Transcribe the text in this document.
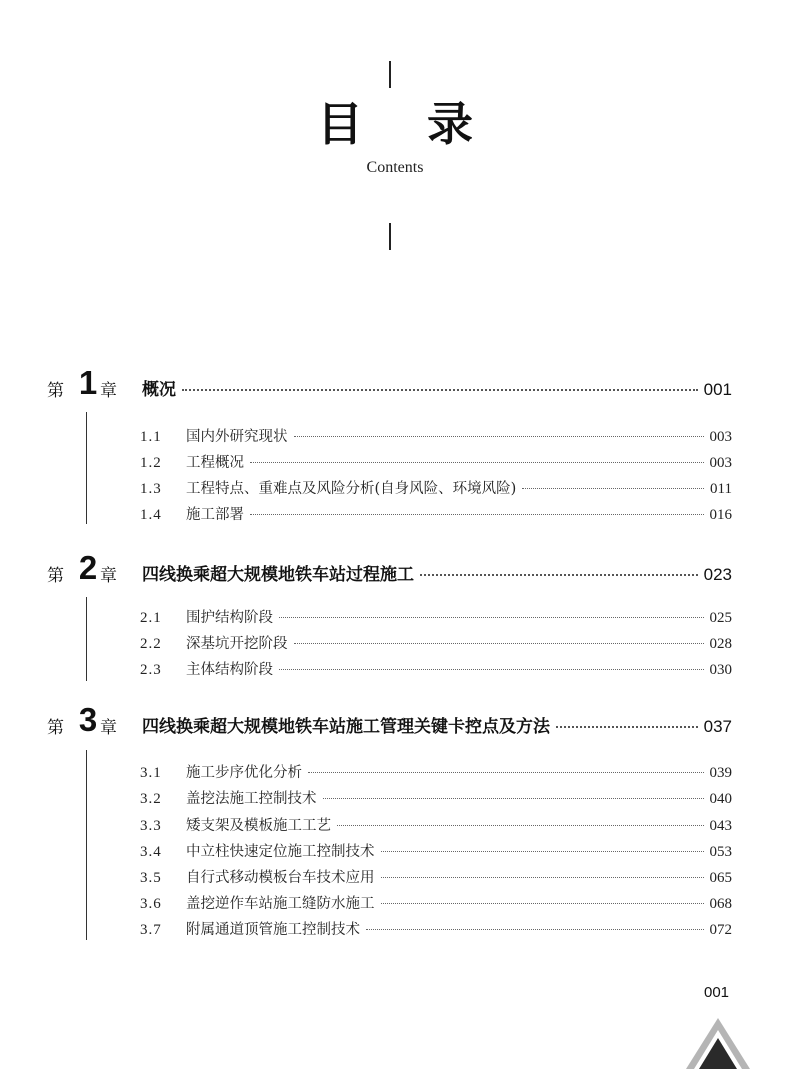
目录
Contents
第 1 章 概况	001
1.1	国内外研究现状	003
1.2	工程概况	003
1.3	工程特点、重难点及风险分析(自身风险、环境风险)	011
1.4	施工部署	016
第 2 章 四线换乘超大规模地铁车站过程施工	023
2.1	围护结构阶段	025
2.2	深基坑开挖阶段	028
2.3	主体结构阶段	030
第 3 章 四线换乘超大规模地铁车站施工管理关键卡控点及方法	037
3.1	施工步序优化分析	039
3.2	盖挖法施工控制技术	040
3.3	矮支架及模板施工工艺	043
3.4	中立柱快速定位施工控制技术	053
3.5	自行式移动模板台车技术应用	065
3.6	盖挖逆作车站施工缝防水施工	068
3.7	附属通道顶管施工控制技术	072
001
